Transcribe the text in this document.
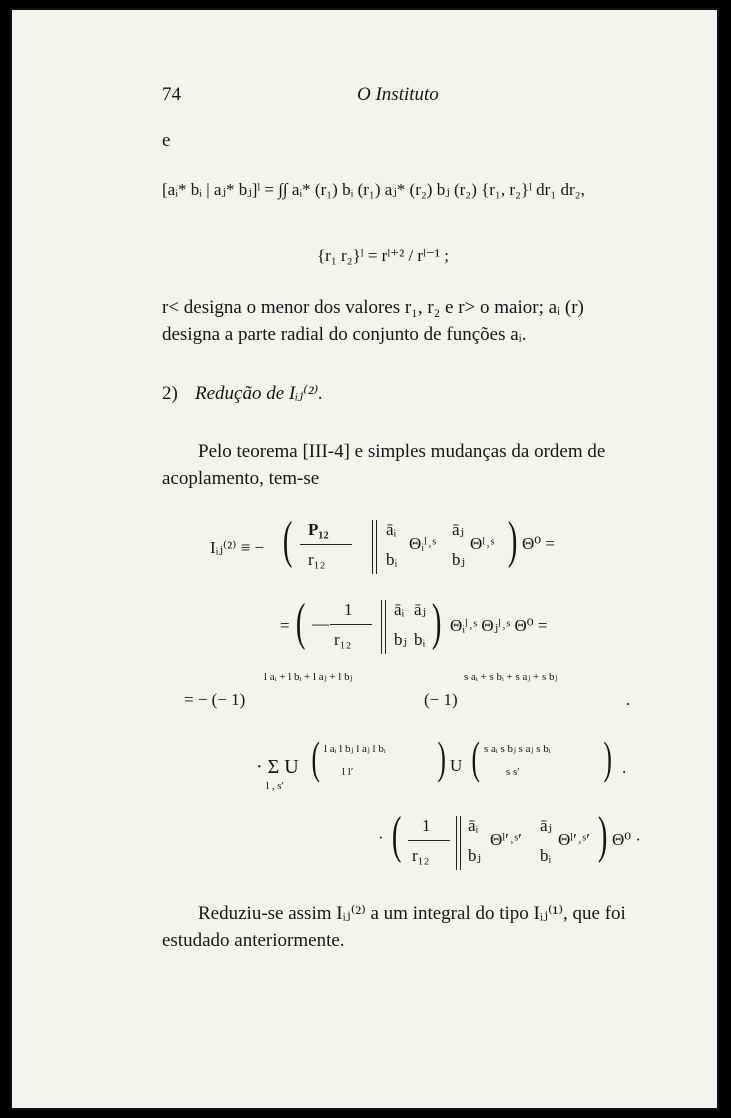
74	O Instituto
e
[aᵢ* bᵢ | aⱼ* bⱼ]ˡ = ∫∫ aᵢ* (r₁) bᵢ (r₁) aⱼ* (r₂) bⱼ (r₂) {r₁, r₂}ˡ dr₁ dr₂,
{r₁ r₂}ˡ = rˡ⁺² / rˡ⁻¹ ;
r< designa o menor dos valores r₁, r₂ e r> o maior; aᵢ (r)
designa a parte radial do conjunto de funções aᵢ.
2) Redução de Iᵢⱼ⁽²⁾.
Pelo teorema [III-4] e simples mudanças da ordem de
acoplamento, tem-se
Iᵢⱼ⁽²⁾ ≡ − ( P₁₂
r₁₂
āᵢ
bᵢ
Θᵢˡ˒ˢ
āⱼ
bⱼ
Θˡ˒ˢ ) Θ⁰ =
= ( —
1
r₁₂
āᵢ
bⱼ
āⱼ
bᵢ ) Θᵢˡ˒ˢ Θⱼˡ˒ˢ Θ⁰ =
= − (− 1)
l aᵢ + l bᵢ + l aⱼ + l bⱼ
(− 1)
s aᵢ + s bᵢ + s aⱼ + s bⱼ
.
· Σ U
l , s′
( l aᵢ l bⱼ l aⱼ l bᵢ
l l′ ) U ( s aᵢ s bⱼ s aⱼ s bᵢ
s s′ ) .
· ( 1
r₁₂
āᵢ
bⱼ
Θˡ′˒ˢ′
āⱼ
bᵢ
Θˡ′˒ˢ′ ) Θ⁰ ·
Reduziu-se assim Iᵢⱼ⁽²⁾ a um integral do tipo Iᵢⱼ⁽¹⁾, que foi
estudado anteriormente.
